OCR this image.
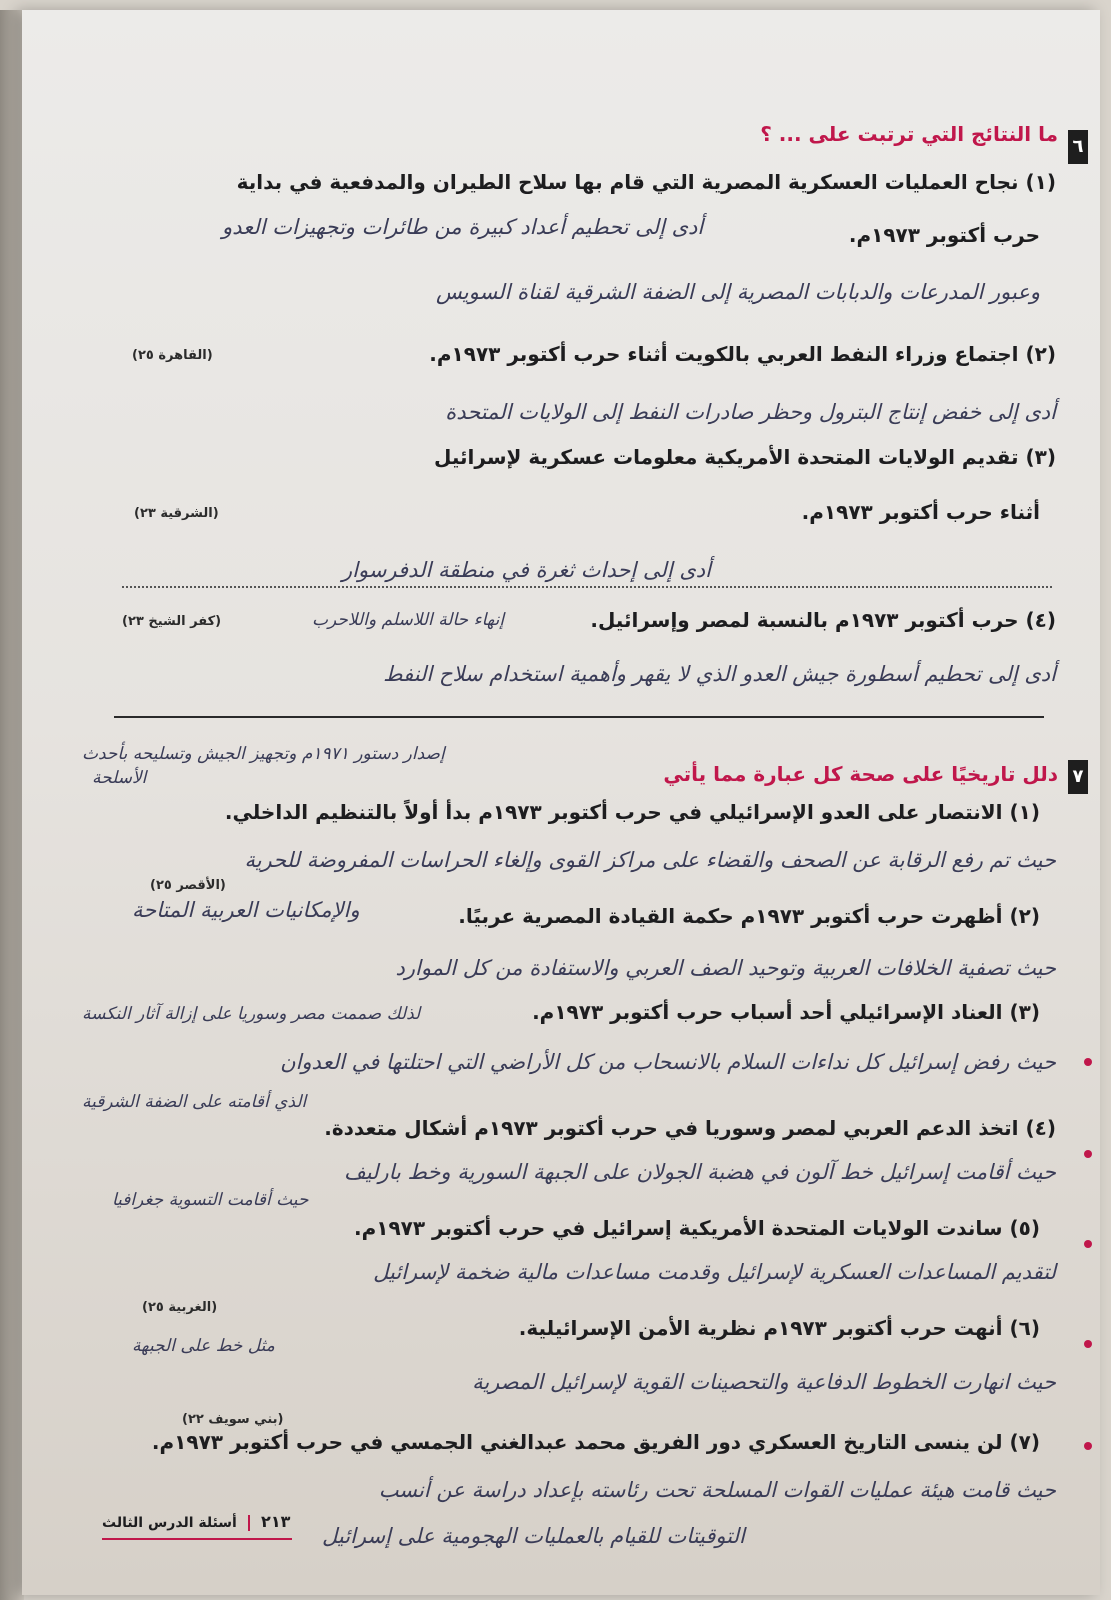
٦
ما النتائج التي ترتبت على ... ؟
(١) نجاح العمليات العسكرية المصرية التي قام بها سلاح الطيران والمدفعية في بداية
حرب أكتوبر ١٩٧٣م.
أدى إلى تحطيم أعداد كبيرة من طائرات وتجهيزات العدو
وعبور المدرعات والدبابات المصرية إلى الضفة الشرقية لقناة السويس
(القاهرة ٢٥)	(٢) اجتماع وزراء النفط العربي بالكويت أثناء حرب أكتوبر ١٩٧٣م.
أدى إلى خفض إنتاج البترول وحظر صادرات النفط إلى الولايات المتحدة
(٣) تقديم الولايات المتحدة الأمريكية معلومات عسكرية لإسرائيل
(الشرقية ٢٣)	أثناء حرب أكتوبر ١٩٧٣م.
أدى إلى إحداث ثغرة في منطقة الدفرسوار
(٤) حرب أكتوبر ١٩٧٣م بالنسبة لمصر وإسرائيل.
إنهاء حالة اللاسلم واللاحرب
(كفر الشيخ ٢٣)
أدى إلى تحطيم أسطورة جيش العدو الذي لا يقهر وأهمية استخدام سلاح النفط
٧
دلل تاريخيًا على صحة كل عبارة مما يأتي
إصدار دستور ١٩٧١م وتجهيز الجيش وتسليحه بأحدث
الأسلحة
(١) الانتصار على العدو الإسرائيلي في حرب أكتوبر ١٩٧٣م بدأ أولاً بالتنظيم الداخلي.
حيث تم رفع الرقابة عن الصحف والقضاء على مراكز القوى وإلغاء الحراسات المفروضة للحرية
(الأقصر ٢٥)
(٢) أظهرت حرب أكتوبر ١٩٧٣م حكمة القيادة المصرية عربيًا.
والإمكانيات العربية المتاحة
حيث تصفية الخلافات العربية وتوحيد الصف العربي والاستفادة من كل الموارد
(٣) العناد الإسرائيلي أحد أسباب حرب أكتوبر ١٩٧٣م.
لذلك صممت مصر وسوريا على إزالة آثار النكسة
حيث رفض إسرائيل كل نداءات السلام بالانسحاب من كل الأراضي التي احتلتها في العدوان
الذي أقامته على الضفة الشرقية
(٤) اتخذ الدعم العربي لمصر وسوريا في حرب أكتوبر ١٩٧٣م أشكال متعددة.
حيث أقامت إسرائيل خط آلون في هضبة الجولان على الجبهة السورية وخط بارليف
حيث أقامت التسوية جغرافيا
(٥) ساندت الولايات المتحدة الأمريكية إسرائيل في حرب أكتوبر ١٩٧٣م.
لتقديم المساعدات العسكرية لإسرائيل وقدمت مساعدات مالية ضخمة لإسرائيل
(الغربية ٢٥)
(٦) أنهت حرب أكتوبر ١٩٧٣م نظرية الأمن الإسرائيلية.
مثل خط على الجبهة
حيث انهارت الخطوط الدفاعية والتحصينات القوية لإسرائيل المصرية
(بني سويف ٢٢)
(٧) لن ينسى التاريخ العسكري دور الفريق محمد عبدالغني الجمسي في حرب أكتوبر ١٩٧٣م.
حيث قامت هيئة عمليات القوات المسلحة تحت رئاسته بإعداد دراسة عن أنسب
التوقيتات للقيام بالعمليات الهجومية على إسرائيل
٢١٣  أسئلة الدرس الثالث
